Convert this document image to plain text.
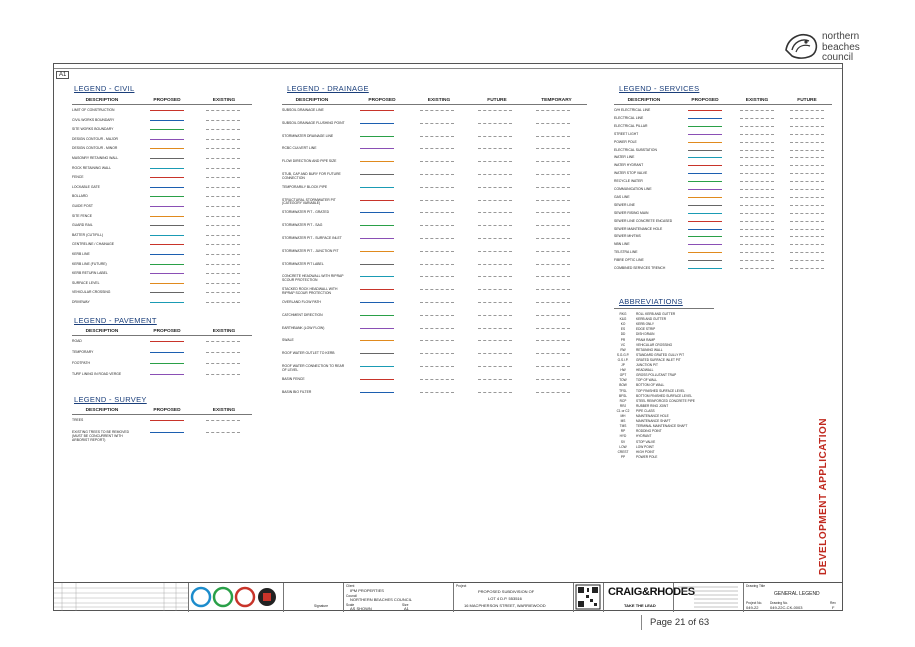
northern
beaches
council
A1
LEGEND - CIVIL
DESCRIPTION	PROPOSED	EXISTING
LIMIT OF CONSTRUCTION
CIVIL WORKS BOUNDARY
SITE WORKS BOUNDARY
DESIGN CONTOUR - MAJOR
DESIGN CONTOUR - MINOR
MASONRY RETAINING WALL
ROCK RETAINING WALL
FENCE
LOCKABLE GATE
BOLLARD
GUIDE POST
SITE FENCE
GUARD RAIL
BATTER (CUT/FILL)
CENTRELINE / CHAINAGE
KERB LINE
KERB LINE (FUTURE)
KERB RETURN LABEL
SURFACE LEVEL
VEHICULAR CROSSING
DRIVEWAY
LEGEND - PAVEMENT
DESCRIPTION	PROPOSED	EXISTING
ROAD
TEMPORARY
FOOTPATH
TURF LINING IN ROAD VERGE
LEGEND - SURVEY
DESCRIPTION	PROPOSED	EXISTING
TREES
EXISTING TREES TO BE REMOVED (MUST BE CONCURRENT WITH ARBORIST REPORT)
LEGEND - DRAINAGE
DESCRIPTION	PROPOSED	EXISTING	FUTURE	TEMPORARY
SUBSOIL DRAINAGE LINE
SUBSOIL DRAINAGE FLUSHING POINT
STORMWATER DRAINAGE LINE
RCBC CULVERT LINE
FLOW DIRECTION AND PIPE SIZE
STUB, CAP AND BURY FOR FUTURE CONNECTION
TEMPORARILY BLOCK PIPE
STRUCTURAL STORMWATER PIT (CATEGORY VARIABLE)
STORMWATER PIT - GRATED
STORMWATER PIT - SAG
STORMWATER PIT - SURFACE INLET
STORMWATER PIT - JUNCTION PIT
STORMWATER PIT LABEL
CONCRETE HEADWALL WITH RIPRAP SCOUR PROTECTION
STACKED ROCK HEADWALL WITH RIPRAP SCOUR PROTECTION
OVERLAND FLOW PATH
CATCHMENT DIRECTION
EARTHBANK (LOW FLOW)
SWALE
ROOF WATER OUTLET TO KERB
ROOF WATER CONNECTION TO REAR OF LEVEL
BASIN FENCE
BASIN BIO FILTER
LEGEND - SERVICES
DESCRIPTION	PROPOSED	EXISTING	FUTURE
O/H ELECTRICAL LINE
ELECTRICAL LINE
ELECTRICAL PILLAR
STREET LIGHT
POWER POLE
ELECTRICAL SUBSTATION
WATER LINE
WATER HYDRANT
WATER STOP VALVE
RECYCLE WATER
COMMUNICATION LINE
GAS LINE
SEWER LINE
SEWER RISING MAIN
SEWER LINE CONCRETE ENCASED
SEWER MAINTENANCE HOLE
SEWER MH/TMS
NBN LINE
TELSTRA LINE
FIBRE OPTIC LINE
COMBINED SERVICES TRENCH
ABBREVIATIONS
RKG	ROLL KERB AND GUTTER
K&G	KERB AND GUTTER
KO	KERB ONLY
ES	EDGE STRIP
DD	DISH DRAIN
PR	PRAM RAMP
VC	VEHICULAR CROSSING
RW	RETAINING WALL
S.G.G.P.	STANDARD GRATED GULLY PIT
G.S.I.P.	GRATED SURFACE INLET PIT
JP	JUNCTION PIT
HW	HEADWALL
GPT	GROSS POLLUTANT TRAP
TOW	TOP OF WALL
BOW	BOTTOM OF WALL
TFSL	TOP FINISHED SURFACE LEVEL
BFSL	BOTTOM FINISHED SURFACE LEVEL
RCP	STEEL REINFORCED CONCRETE PIPE
RRJ	RUBBER RING JOINT
C1 or C2	PIPE CLASS
MH	MAINTENANCE HOLE
MS	MAINTENANCE SHAFT
TMS	TERMINAL MAINTENANCE SHAFT
RP	RODDING POINT
HYD	HYDRANT
SV	STOP VALVE
LOW	LOW POINT
CREST	HIGH POINT
PP	POWER POLE
Signature
Client
IPM PROPERTIES
Council
NORTHERN BEACHES COUNCIL
Scale
AS SHOWN
Size
A1
Project
PROPOSED SUBDIVISION OF
LOT 4 D.P. 553516
16 MACPHERSON STREET, WARRIEWOOD
CRAIG&RHODES
TAKE THE LEAD
Drawing Title
GENERAL LEGEND
Project No.
049-22
Drawing No.
049-22C-CK-0003
Rev
F
DEVELOPMENT APPLICATION
Page 21 of 63
